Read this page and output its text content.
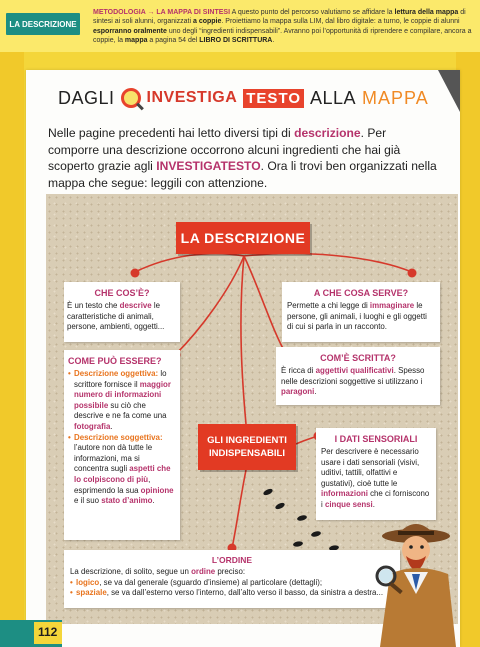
LA DESCRIZIONE
METODOLOGIA → LA MAPPA DI SINTESI A questo punto del percorso valutiamo se affidare la lettura della mappa di sintesi ai soli alunni, organizzati a coppie. Proiettiamo la mappa sulla LIM, dal libro digitale: a turno, le coppie di alunni esporranno oralmente uno degli “ingredienti indispensabili”. Avranno poi l’opportunità di riprendere e compilare, ancora a coppie, la mappa a pagina 54 del LIBRO DI SCRITTURA.
DAGLI INVESTIGA TESTO ALLA MAPPA

Nelle pagine precedenti hai letto diversi tipi di descrizione. Per comporre una descrizione occorrono alcuni ingredienti che hai già scoperto grazie agli INVESTIGATESTO. Ora li trovi ben organizzati nella mappa che segue: leggili con attenzione.

LA DESCRIZIONE
CHE COS’È?

È un testo che descrive le caratteristiche di animali, persone, ambienti, oggetti...

A CHE COSA SERVE?

Permette a chi legge di immaginare le persone, gli animali, i luoghi e gli oggetti di cui si parla in un racconto.

COME PUÒ ESSERE?
• Descrizione oggettiva: lo scrittore fornisce il maggior numero di informazioni possibile su ciò che descrive e ne fa come una fotografia.
• Descrizione soggettiva: l’autore non dà tutte le informazioni, ma si concentra sugli aspetti che lo colpiscono di più, esprimendo la sua opinione e il suo stato d’animo.
COM’È SCRITTA?

È ricca di aggettivi qualificativi. Spesso nelle descrizioni soggettive si utilizzano i paragoni.

I DATI SENSORIALI

Per descrivere è necessario usare i dati sensoriali (visivi, uditivi, tattili, olfattivi e gustativi), cioè tutte le informazioni che ci forniscono i cinque sensi.

L’ORDINE

La descrizione, di solito, segue un ordine preciso:

• logico, se va dal generale (sguardo d’insieme) al particolare (dettagli);
• spaziale, se va dall’esterno verso l’interno, dall’alto verso il basso, da sinistra a destra...
GLI INGREDIENTI INDISPENSABILI
112
